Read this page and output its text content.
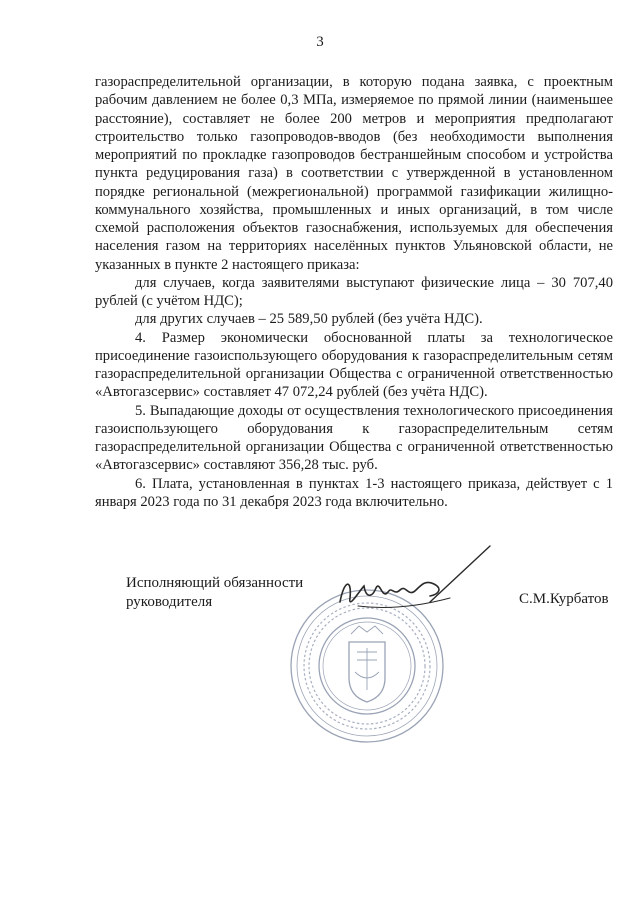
3

газораспределительной организации, в которую подана заявка, с проектным рабочим давлением не более 0,3 МПа, измеряемое по прямой линии (наименьшее расстояние), составляет не более 200 метров и мероприятия предполагают строительство только газопроводов-вводов (без необходимости выполнения мероприятий по прокладке газопроводов бестраншейным способом и устройства пункта редуцирования газа) в соответствии с утвержденной в установленном порядке региональной (межрегиональной) программой газификации жилищно-коммунального хозяйства, промышленных и иных организаций, в том числе схемой расположения объектов газоснабжения, используемых для обеспечения населения газом на территориях населённых пунктов Ульяновской области, не указанных в пункте 2 настоящего приказа:

для случаев, когда заявителями выступают физические лица – 30 707,40 рублей (с учётом НДС);

для других случаев – 25 589,50 рублей (без учёта НДС).

4. Размер экономически обоснованной платы за технологическое присоединение газоиспользующего оборудования к газораспределительным сетям газораспределительной организации Общества с ограниченной ответственностью «Автогазсервис» составляет 47 072,24 рублей (без учёта НДС).

5. Выпадающие доходы от осуществления технологического присоединения газоиспользующего оборудования к газораспределительным сетям газораспределительной организации Общества с ограниченной ответственностью «Автогазсервис» составляют 356,28 тыс. руб.

6. Плата, установленная в пунктах 1-3 настоящего приказа, действует с 1 января 2023 года по 31 декабря 2023 года включительно.

Исполняющий обязанности
руководителя	С.М.Курбатов
